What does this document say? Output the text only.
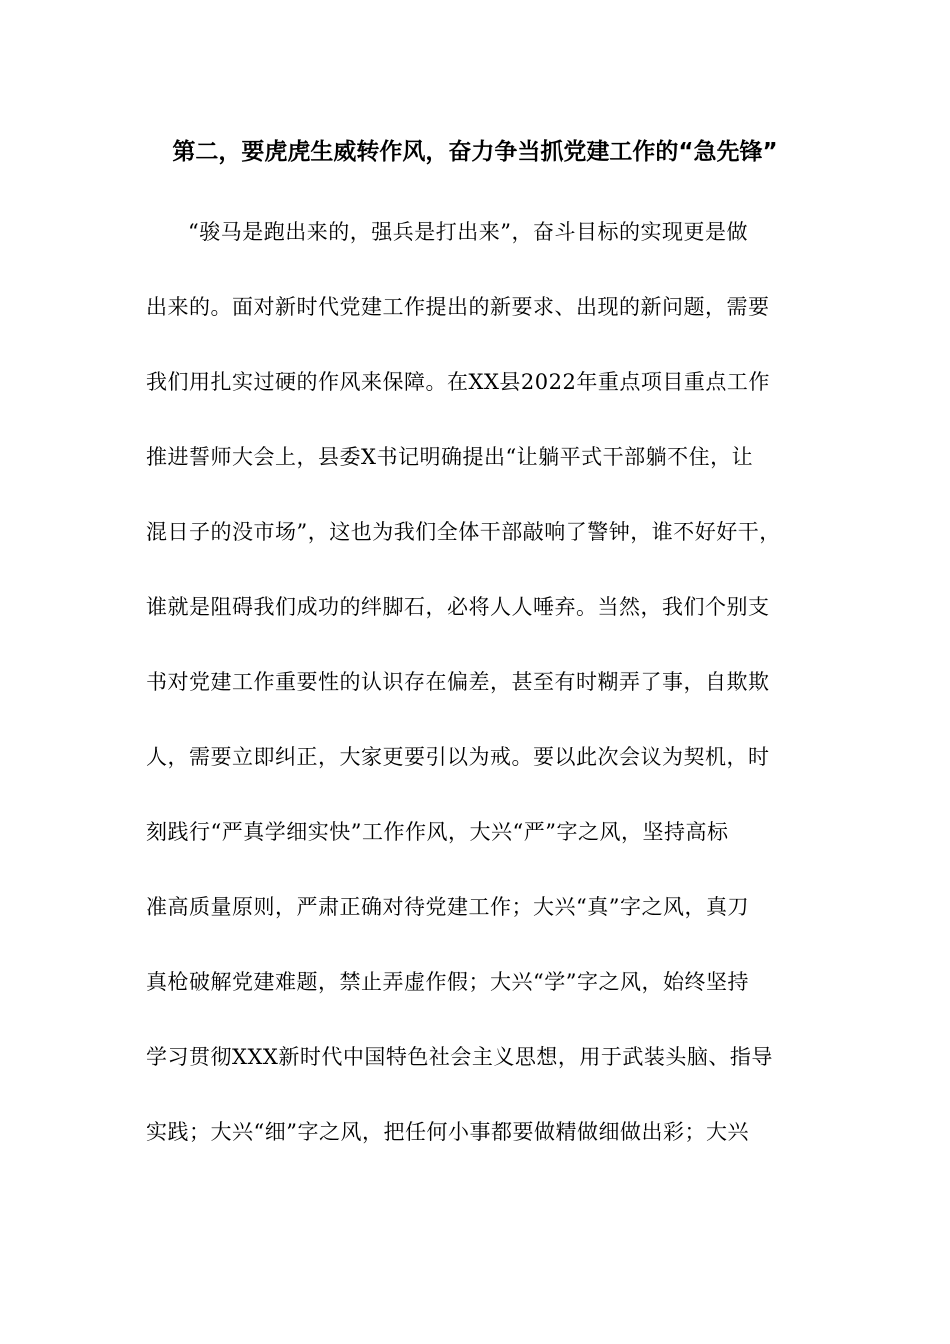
第二，要虎虎生威转作风，奋力争当抓党建工作的“急先锋”
“骏马是跑出来的，强兵是打出来”，奋斗目标的实现更是做
出来的。面对新时代党建工作提出的新要求、出现的新问题，需要
我们用扎实过硬的作风来保障。在XX县2022年重点项目重点工作
推进誓师大会上，县委X书记明确提出“让躺平式干部躺不住，让
混日子的没市场”，这也为我们全体干部敲响了警钟，谁不好好干，
谁就是阻碍我们成功的绊脚石，必将人人唾弃。当然，我们个别支
书对党建工作重要性的认识存在偏差，甚至有时糊弄了事，自欺欺
人，需要立即纠正，大家更要引以为戒。要以此次会议为契机，时
刻践行“严真学细实快”工作作风，大兴“严”字之风，坚持高标
准高质量原则，严肃正确对待党建工作；大兴“真”字之风，真刀
真枪破解党建难题，禁止弄虚作假；大兴“学”字之风，始终坚持
学习贯彻XXX新时代中国特色社会主义思想，用于武装头脑、指导
实践；大兴“细”字之风，把任何小事都要做精做细做出彩；大兴
